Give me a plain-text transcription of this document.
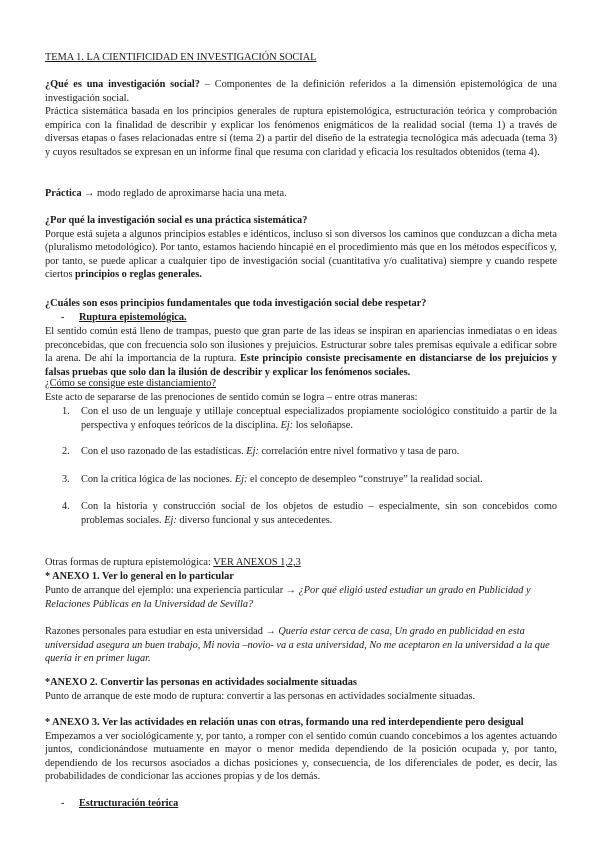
TEMA 1. LA CIENTIFICIDAD EN INVESTIGACIÓN SOCIAL

¿Qué es una investigación social? – Componentes de la definición referidos a la dimensión epistemológica de una investigación social.

Práctica sistemática basada en los principios generales de ruptura epistemológica, estructuración teórica y comprobación empírica con la finalidad de describir y explicar los fenómenos enigmáticos de la realidad social (tema 1) a través de diversas etapas o fases relacionadas entre sí (tema 2) a partir del diseño de la estrategia tecnológica más adecuada (tema 3) y cuyos resultados se expresan en un informe final que resuma con claridad y eficacia los resultados obtenidos (tema 4).

Práctica → modo reglado de aproximarse hacia una meta.

¿Por qué la investigación social es una práctica sistemática?

Porque está sujeta a algunos principios estables e idénticos, incluso si son diversos los caminos que conduzcan a dicha meta (pluralismo metodológico). Por tanto, estamos haciendo hincapié en el procedimiento más que en los métodos específicos y, por tanto, se puede aplicar a cualquier tipo de investigación social (cuantitativa y/o cualitativa) siempre y cuando respete ciertos principios o reglas generales.

¿Cuáles son esos principios fundamentales que toda investigación social debe respetar?

- Ruptura epistemológica.

El sentido común está lleno de trampas, puesto que gran parte de las ideas se inspiran en apariencias inmediatas o en ideas preconcebidas, que con frecuencia solo son ilusiones y prejuicios. Estructurar sobre tales premisas equivale a edificar sobre la arena. De ahí la importancia de la ruptura. Este principio consiste precisamente en distanciarse de los prejuicios y falsas pruebas que solo dan la ilusión de describir y explicar los fenómenos sociales.

¿Cómo se consigue este distanciamiento?

Este acto de separarse de las prenociones de sentido común se logra – entre otras maneras:

1. Con el uso de un lenguaje y utillaje conceptual especializados propiamente sociológico constituido a partir de la perspectiva y enfoques teóricos de la disciplina. Ej: los seloñapse.
2. Con el uso razonado de las estadísticas. Ej: correlación entre nivel formativo y tasa de paro.
3. Con la crítica lógica de las nociones. Ej: el concepto de desempleo “construye” la realidad social.
4. Con la historia y construcción social de los objetos de estudio – especialmente, sin son concebidos como problemas sociales. Ej: diverso funcional y sus antecedentes.

Otras formas de ruptura epistemológica: VER ANEXOS 1,2,3

* ANEXO 1. Ver lo general en lo particular

Punto de arranque del ejemplo: una experiencia particular → ¿Por qué eligió usted estudiar un grado en Publicidad y Relaciones Públicas en la Universidad de Sevilla?

Razones personales para estudiar en esta universidad → Quería estar cerca de casa, Un grado en publicidad en esta universidad asegura un buen trabajo, Mi novia –novio- va a esta universidad, No me aceptaron en la universidad a la que quería ir en primer lugar.

*ANEXO 2. Convertir las personas en actividades socialmente situadas

Punto de arranque de este modo de ruptura: convertir a las personas en actividades socialmente situadas.

* ANEXO 3. Ver las actividades en relación unas con otras, formando una red interdependiente pero desigual

Empezamos a ver sociológicamente y, por tanto, a romper con el sentido común cuando concebimos a los agentes actuando juntos, condicionándose mutuamente en mayor o menor medida dependiendo de la posición ocupada y, por tanto, dependiendo de los recursos asociados a dichas posiciones y, consecuencia, de los diferenciales de poder, es decir, las probabilidades de condicionar las acciones propias y de los demás.

- Estructuración teórica
